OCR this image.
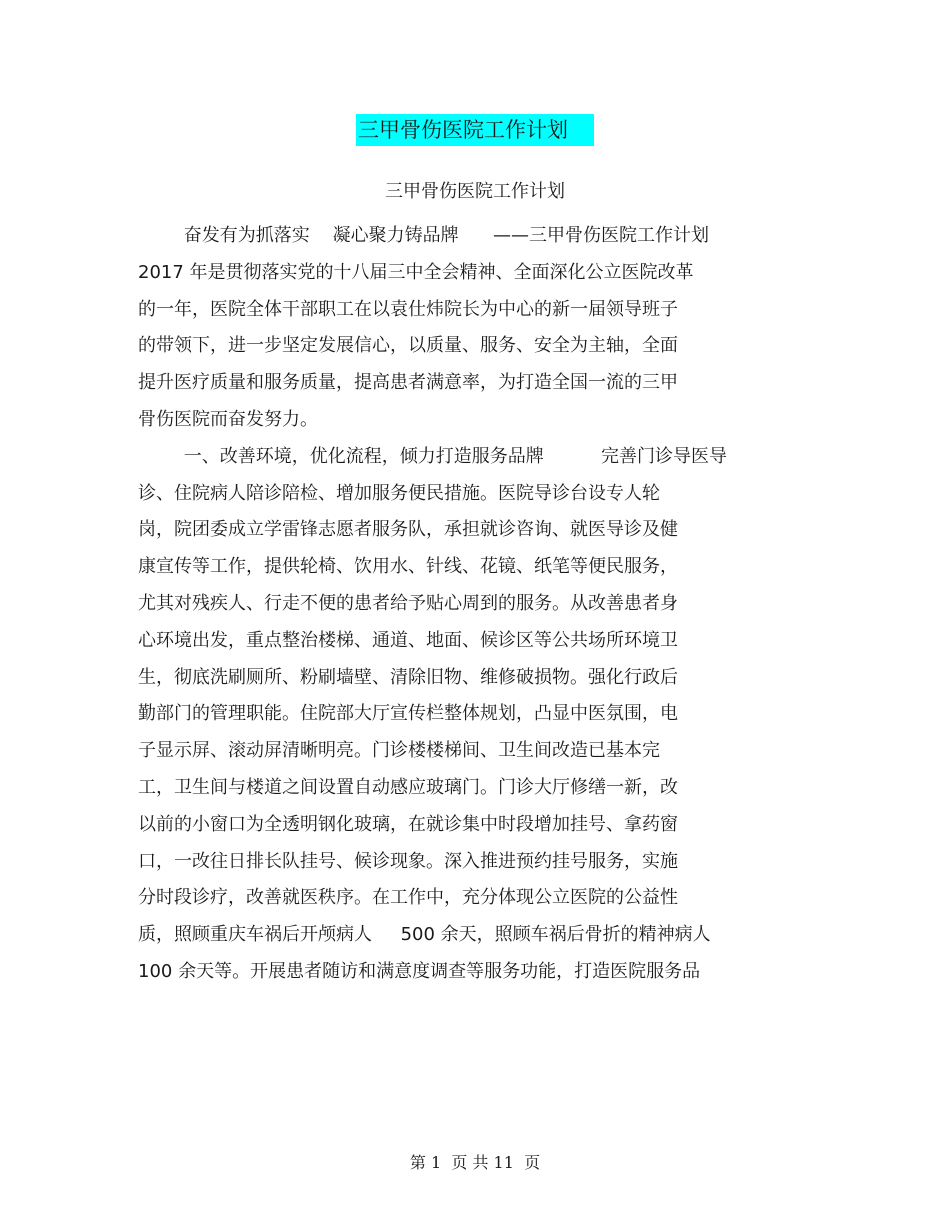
三甲骨伤医院工作计划
三甲骨伤医院工作计划
奋发有为抓落实    凝心聚力铸品牌      ——三甲骨伤医院工作计划
2017 年是贯彻落实党的十八届三中全会精神、全面深化公立医院改革
的一年，医院全体干部职工在以袁仕炜院长为中心的新一届领导班子
的带领下，进一步坚定发展信心，以质量、服务、安全为主轴，全面
提升医疗质量和服务质量，提高患者满意率，为打造全国一流的三甲
骨伤医院而奋发努力。
一、改善环境，优化流程，倾力打造服务品牌          完善门诊导医导
诊、住院病人陪诊陪检、增加服务便民措施。医院导诊台设专人轮
岗，院团委成立学雷锋志愿者服务队，承担就诊咨询、就医导诊及健
康宣传等工作，提供轮椅、饮用水、针线、花镜、纸笔等便民服务，
尤其对残疾人、行走不便的患者给予贴心周到的服务。从改善患者身
心环境出发，重点整治楼梯、通道、地面、候诊区等公共场所环境卫
生，彻底洗刷厕所、粉刷墙壁、清除旧物、维修破损物。强化行政后
勤部门的管理职能。住院部大厅宣传栏整体规划，凸显中医氛围，电
子显示屏、滚动屏清晰明亮。门诊楼楼梯间、卫生间改造已基本完
工，卫生间与楼道之间设置自动感应玻璃门。门诊大厅修缮一新，改
以前的小窗口为全透明钢化玻璃，在就诊集中时段增加挂号、拿药窗
口，一改往日排长队挂号、候诊现象。深入推进预约挂号服务，实施
分时段诊疗，改善就医秩序。在工作中，充分体现公立医院的公益性
质，照顾重庆车祸后开颅病人     500 余天，照顾车祸后骨折的精神病人
100 余天等。开展患者随访和满意度调查等服务功能，打造医院服务品
第 1  页 共 11  页
